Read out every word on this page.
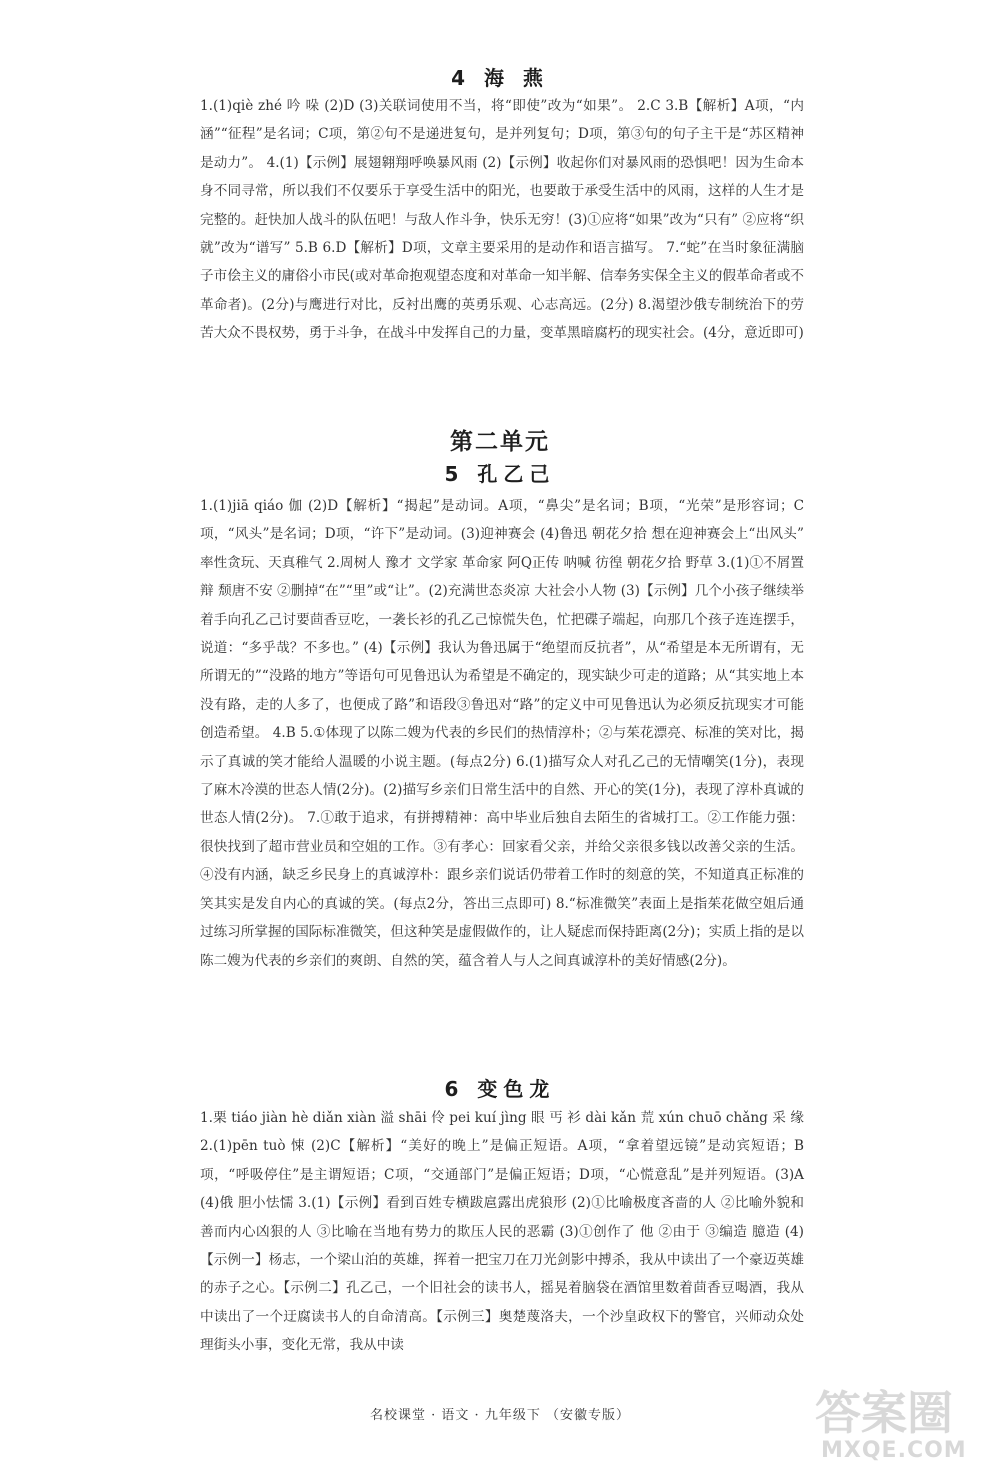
4 海 燕

1.(1)qiè zhé 吟 哚 (2)D (3)关联词使用不当，将“即使”改为“如果”。 2.C 3.B【解析】A项，“内涵”“征程”是名词；C项，第②句不是递进复句，是并列复句；D项，第③句的句子主干是“苏区精神是动力”。 4.(1)【示例】展翅翱翔呼唤暴风雨 (2)【示例】收起你们对暴风雨的恐惧吧！因为生命本身不同寻常，所以我们不仅要乐于享受生活中的阳光，也要敢于承受生活中的风雨，这样的人生才是完整的。赶快加人战斗的队伍吧！与敌人作斗争，快乐无穷！(3)①应将“如果”改为“只有” ②应将“织就”改为“谱写” 5.B 6.D【解析】D项，文章主要采用的是动作和语言描写。 7.“蛇”在当时象征满脑子市侩主义的庸俗小市民(或对革命抱观望态度和对革命一知半解、信奉务实保全主义的假革命者或不革命者)。(2分)与鹰进行对比，反衬出鹰的英勇乐观、心志高远。(2分) 8.渴望沙俄专制统治下的劳苦大众不畏权势，勇于斗争，在战斗中发挥自己的力量，变革黑暗腐朽的现实社会。(4分，意近即可)

第二单元
5 孔乙己

1.(1)jiā qiáo 伽 (2)D【解析】“揭起”是动词。A项，“鼻尖”是名词；B项，“光荣”是形容词；C项，“风头”是名词；D项，“许下”是动词。(3)迎神赛会 (4)鲁迅 朝花夕拾 想在迎神赛会上“出风头” 率性贪玩、天真稚气 2.周树人 豫才 文学家 革命家 阿Q正传 呐喊 彷徨 朝花夕拾 野草 3.(1)①不屑置辩 颓唐不安 ②删掉“在”“里”或“让”。(2)充满世态炎凉 大社会小人物 (3)【示例】几个小孩子继续举着手向孔乙己讨要茴香豆吃，一袭长衫的孔乙己惊慌失色，忙把碟子端起，向那几个孩子连连摆手，说道：“多乎哉？不多也。” (4)【示例】我认为鲁迅属于“绝望而反抗者”，从“希望是本无所谓有，无所谓无的”“没路的地方”等语句可见鲁迅认为希望是不确定的，现实缺少可走的道路；从“其实地上本没有路，走的人多了，也便成了路”和语段③鲁迅对“路”的定义中可见鲁迅认为必须反抗现实才可能创造希望。 4.B 5.①体现了以陈二嫂为代表的乡民们的热情淳朴；②与茱花漂亮、标准的笑对比，揭示了真诚的笑才能给人温暖的小说主题。(每点2分) 6.(1)描写众人对孔乙己的无情嘲笑(1分)，表现了麻木冷漠的世态人情(2分)。(2)描写乡亲们日常生活中的自然、开心的笑(1分)，表现了淳朴真诚的世态人情(2分)。 7.①敢于追求，有拼搏精神：高中毕业后独自去陌生的省城打工。②工作能力强：很快找到了超市营业员和空姐的工作。③有孝心：回家看父亲，并给父亲很多钱以改善父亲的生活。④没有内涵，缺乏乡民身上的真诚淳朴：跟乡亲们说话仍带着工作时的刻意的笑，不知道真正标准的笑其实是发自内心的真诚的笑。(每点2分，答出三点即可) 8.“标准微笑”表面上是指茱花做空姐后通过练习所掌握的国际标准微笑，但这种笑是虚假做作的，让人疑虑而保持距离(2分)；实质上指的是以陈二嫂为代表的乡亲们的爽朗、自然的笑，蕴含着人与人之间真诚淳朴的美好情感(2分)。

6 变色龙

1.栗 tiáo jiàn hè diǎn xiàn 溢 shāi 伶 pei kuí jìng 眼 丐 衫 dài kǎn 荒 xún chuō chǎng 采 缘 2.(1)pēn tuò 悚 (2)C【解析】“美好的晚上”是偏正短语。A项，“拿着望远镜”是动宾短语；B项，“呼吸停住”是主谓短语；C项，“交通部门”是偏正短语；D项，“心慌意乱”是并列短语。(3)A (4)俄 胆小怯懦 3.(1)【示例】看到百姓专横跋扈露出虎狼形 (2)①比喻极度吝啬的人 ②比喻外貌和善而内心凶狠的人 ③比喻在当地有势力的欺压人民的恶霸 (3)①创作了 他 ②由于 ③编造 臆造 (4)【示例一】杨志，一个梁山泊的英雄，挥着一把宝刀在刀光剑影中搏杀，我从中读出了一个豪迈英雄的赤子之心。【示例二】孔乙己，一个旧社会的读书人，摇晃着脑袋在酒馆里数着茴香豆喝酒，我从中读出了一个迂腐读书人的自命清高。【示例三】奥楚蔑洛夫，一个沙皇政权下的警官，兴师动众处理街头小事，变化无常，我从中读

名校课堂 · 语文 · 九年级下 （安徽专版）	答案圈
MXQE.COM
